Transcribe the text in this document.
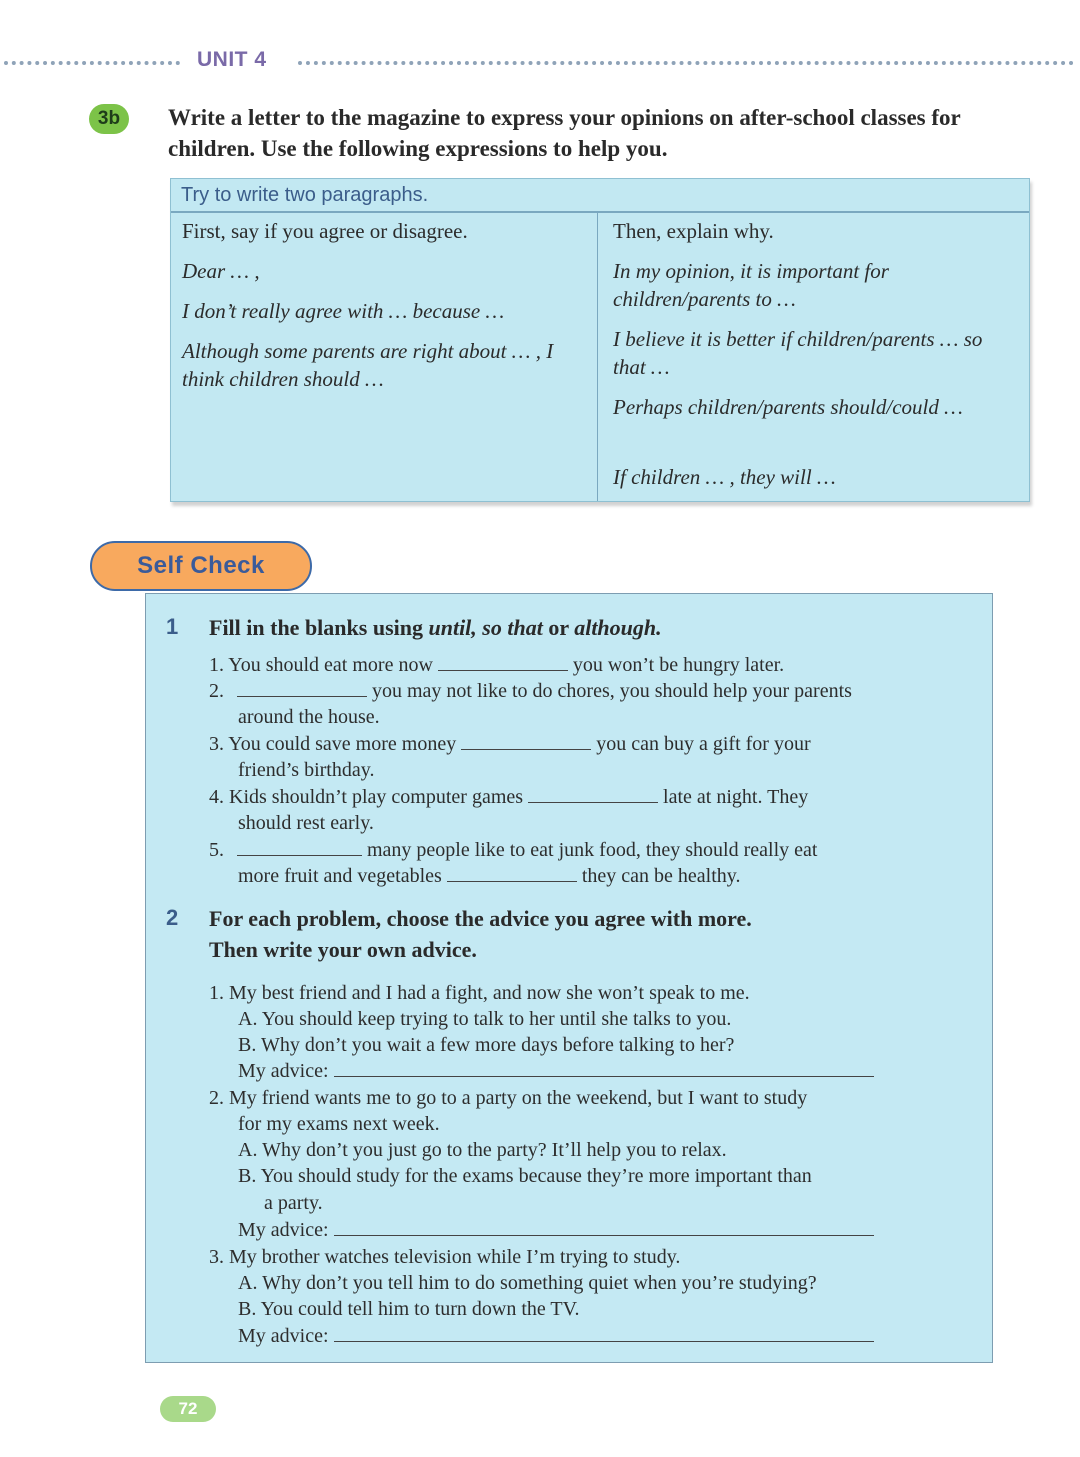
UNIT 4
3b	Write a letter to the magazine to express your opinions on after-school classes for children. Use the following expressions to help you.
Try to write two paragraphs.

First, say if you agree or disagree.

Dear … ,

I don’t really agree with … because …

Although some parents are right about … , I think children should …

Then, explain why.

In my opinion, it is important for children/parents to …

I believe it is better if children/parents … so that …

Perhaps children/parents should/could …

If children … , they will …

Self Check
1 Fill in the blanks using until, so that or although.
1. You should eat more now	you won’t be hungry later.
2.	you may not like to do chores, you should help your parents
around the house.
3. You could save more money	you can buy a gift for your
friend’s birthday.
4. Kids shouldn’t play computer games	late at night. They
should rest early.
5.	many people like to eat junk food, they should really eat
more fruit and vegetables	they can be healthy.
2 For each problem, choose the advice you agree with more.
Then write your own advice.
1. My best friend and I had a fight, and now she won’t speak to me.
A. You should keep trying to talk to her until she talks to you.
B. Why don’t you wait a few more days before talking to her?
My advice:
2. My friend wants me to go to a party on the weekend, but I want to study
for my exams next week.
A. Why don’t you just go to the party? It’ll help you to relax.
B. You should study for the exams because they’re more important than
a party.
My advice:
3. My brother watches television while I’m trying to study.
A. Why don’t you tell him to do something quiet when you’re studying?
B. You could tell him to turn down the TV.
My advice:
72
